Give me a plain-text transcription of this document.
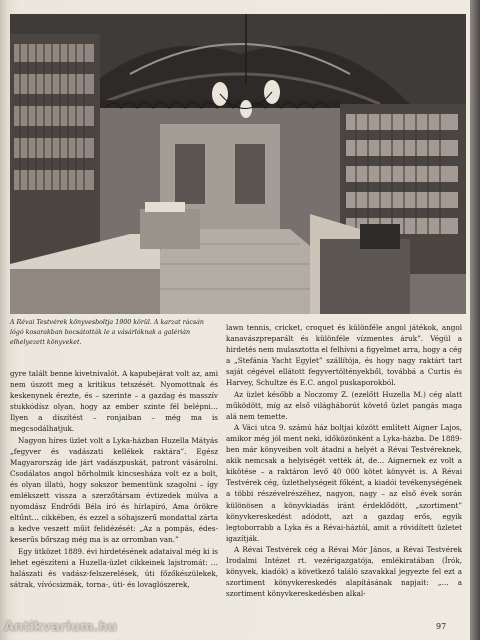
A Révai Testvérek könyvesboltja 1900 körül. A karzat rácsán lógó kosarakban bocsátották le a vásárlóknak a galérián elhelyezett könyveket.

gyre talált benne kivetnivalót. A kapubejárat volt az, ami nem úszott meg a kritikus tetszését. Nyomottnak és keskenynek érezte, és – szerinte – a gazdag és masszív stukkódísz olyan, hogy az ember szinte fél belépni… Ilyen a díszítést – ronjaiban – még ma is megcsodálhatjuk.

Nagyon híres üzlet volt a Lyka-házban Huzella Mátyás „fegyver és vadászati kellékek raktára”. Egész Magyarország ide járt vadászpuskát, patront vásárolni. Csodálatos angol bőrholmik kincsesháza volt ez a bolt, és olyan illatú, hogy sokszor bementünk szagolni – így emlékszett vissza a szerzőtársam évtizedek múlva a nyomdász Endrődi Béla író és hírlapíró, Ama örökre eltűnt… cikkében, és ezzel a sóhajszerű mondattal zárta a kedve veszett műit felidézését: „Az a pompás, édes-keserűs bőrszag még ma is az orromban van.”

Egy ütközet 1889. évi hirdetésének adataival még ki is lehet egészíteni a Huzella-üzlet cikkeinek lajstromát: …halászati és vadász-felszerelések, úti főzőkészülekek, sátrak, vívócsizmák, torna-, úti- és lovaglószerek,

lawn tennis, cricket, croquet és különféle angol játékok, angol kanavászpreparált és különféle vízmentes áruk”. Végül a hirdetés nem mulasztotta el felhívni a figyelmet arra, hogy a cég a „Stefánia Yacht Egylet” szállítója, és hogy nagy raktárt tart saját cégével ellátott fegyvertöltényekből, továbbá a Curtis és Harvey, Schultze és E.C. angol puskaporokból.

Az üzlet később a Noczomy Z. (ezelőtt Huzella M.) cég alatt működött, míg az első világháborút követő üzlet pangás maga alá nem temette.

A Váci utca 9. számú ház boltjai között említett Aigner Lajos, amikor még jól ment neki, időközönként a Lyka-házba. De 1889-ben már könyveiben volt átadni a helyét a Révai Testvéreknek, akik nemcsak a helyiségét vették át, de… Aignernek ez volt a kikötése – a raktáron levő 40 000 kötet könyvét is. A Révai Testvérek cég, üzlethelységeit főként, a kiadói tevékenységének a többi részévelrészéhez, nagyon, nagy – az első évek során különösen a könyvkiadás iránt érdeklődött, „szortiment” könyvkereskedést adódott, azt a gazdag erős, egyik legtoborrabb a Lyka és a Révai-háztól, amit a rövidített üzletet igazítják.

A Révai Testvérek cég a Révai Mór János, a Révai Testvérek Irodalmi Intézet rt. vezérigazgatója, emlékiratában (Írók, könyvek, kiadók) a következő találó szavakkal jegyezte fel ezt a szortiment könyvkereskedés alapításának napjait: „… a szortiment könyvkereskedésben alkal-

97
Antikvarium.hu
